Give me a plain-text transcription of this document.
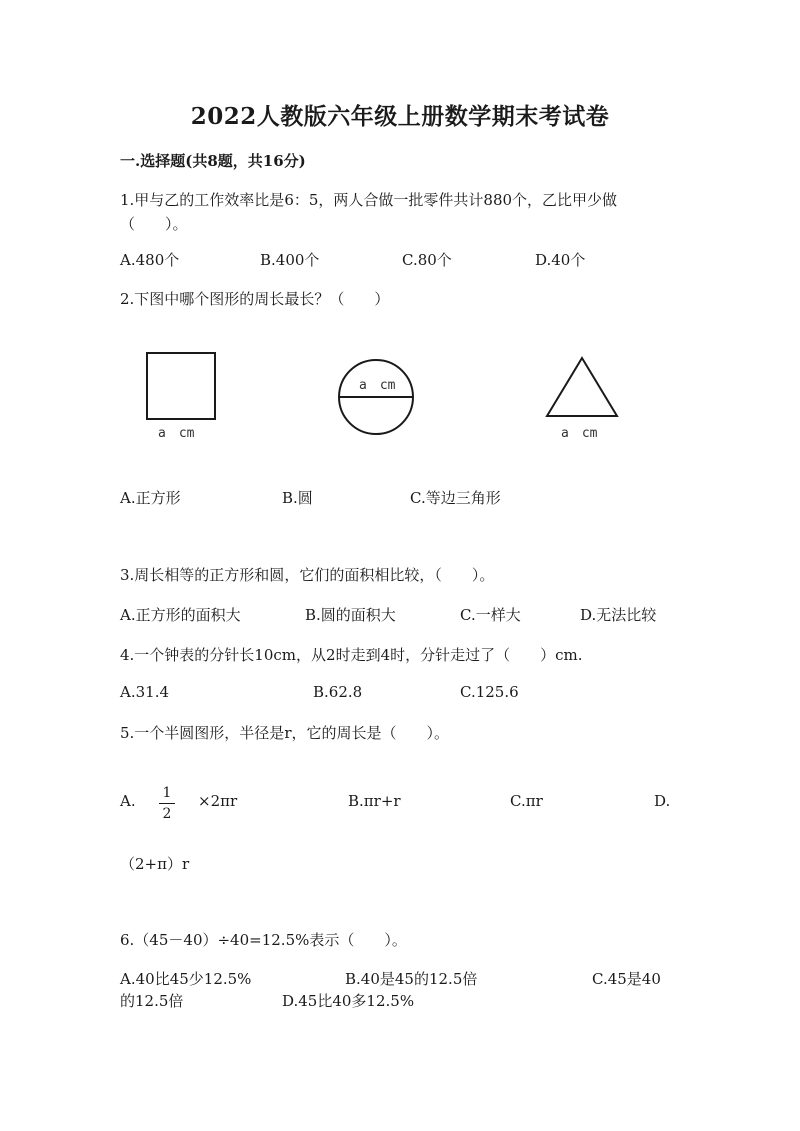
2022人教版六年级上册数学期末考试卷
一.选择题(共8题，共16分)
1.甲与乙的工作效率比是6：5，两人合做一批零件共计880个，乙比甲少做
（　　）。
A.480个	B.400个	C.80个	D.40个
2.下图中哪个图形的周长最长？（　　）
a　cm
a　cm
a　cm
A.正方形	B.圆	C.等边三角形
3.周长相等的正方形和圆，它们的面积相比较，（　　）。
A.正方形的面积大	B.圆的面积大	C.一样大	D.无法比较
4.一个钟表的分针长10cm，从2时走到4时，分针走过了（　　）cm.
A.31.4	B.62.8	C.125.6
5.一个半圆图形，半径是r，它的周长是（　　）。
A. 1
2
×2πr	B.πr+r	C.πr	D.
（2+π）r
6.（45－40）÷40=12.5%表示（　　）。
A.40比45少12.5%	B.40是45的12.5倍	C.45是40
的12.5倍	D.45比40多12.5%
